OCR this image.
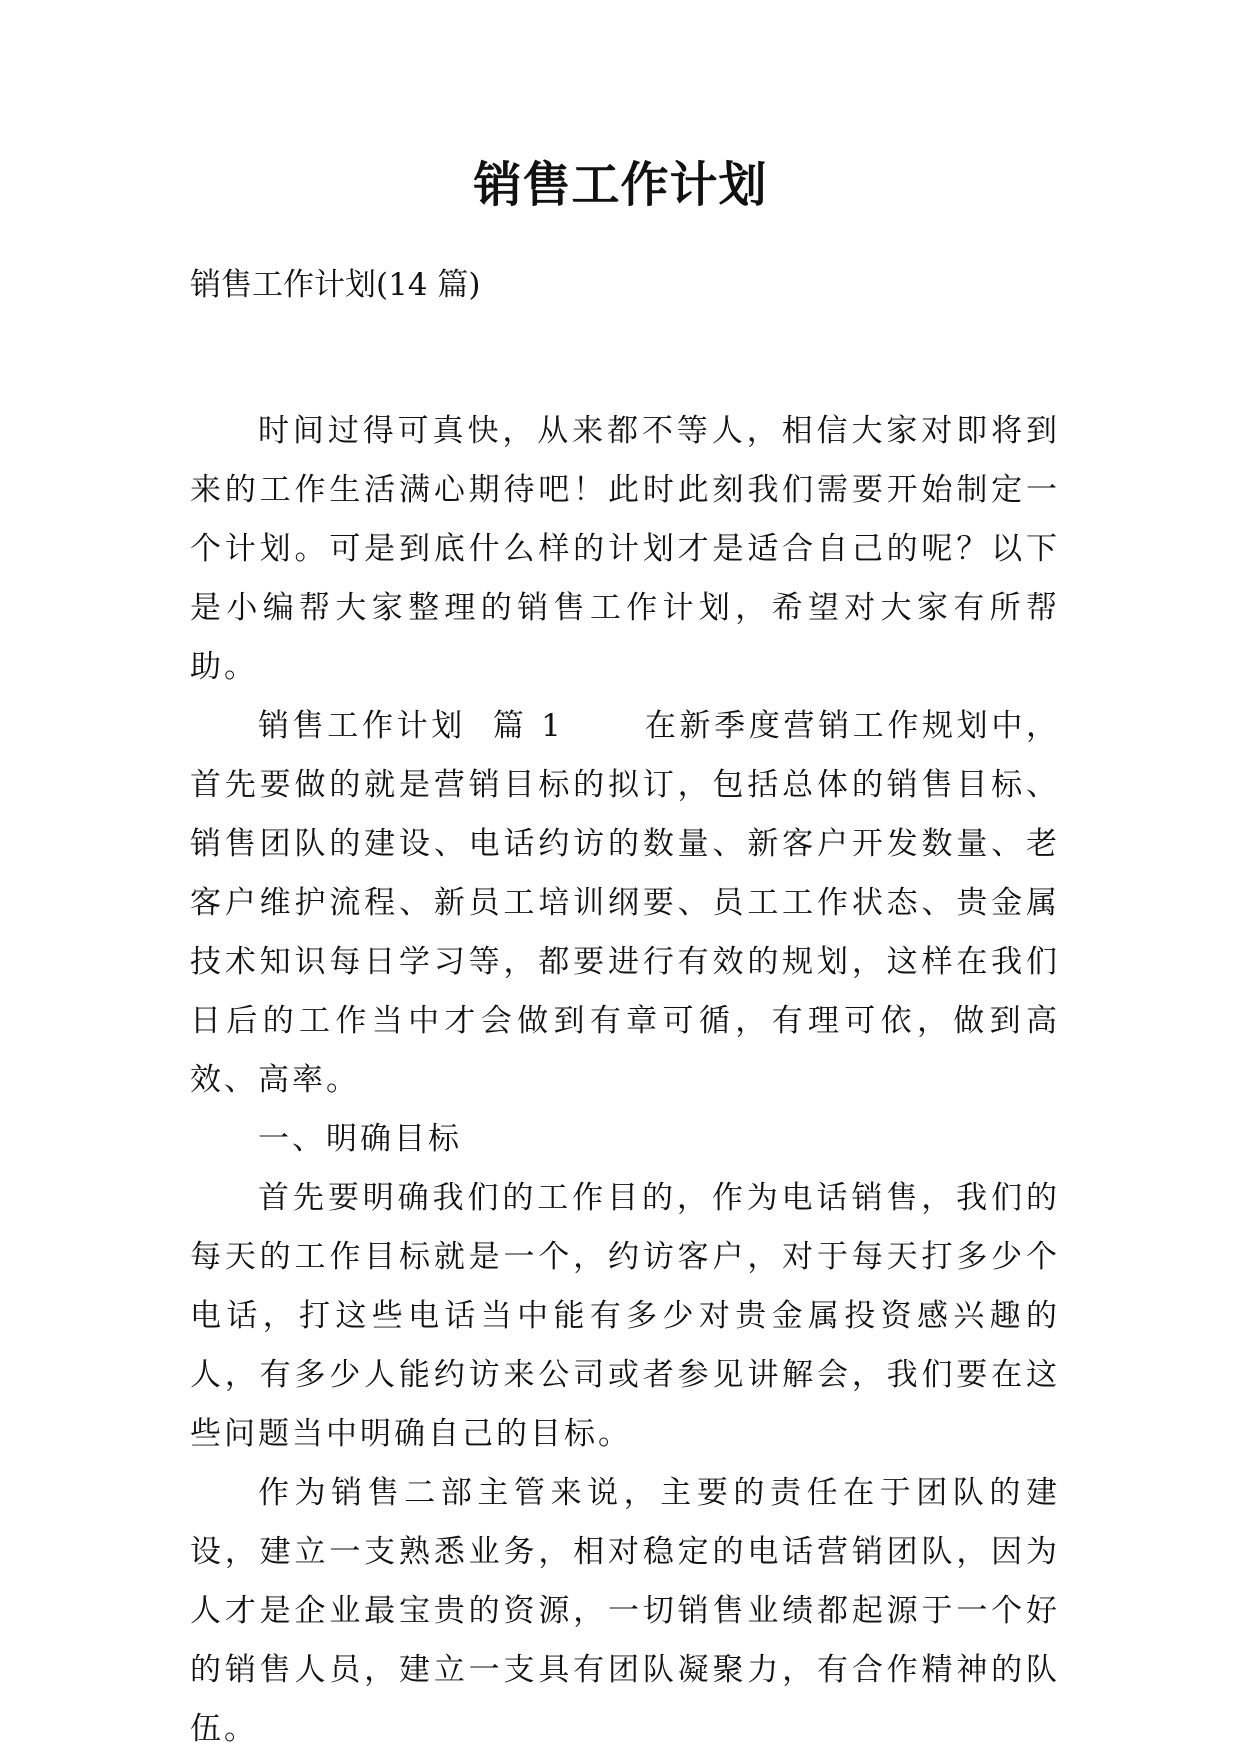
销售工作计划

销售工作计划(14 篇)

时间过得可真快，从来都不等人，相信大家对即将到来的工作生活满心期待吧！此时此刻我们需要开始制定一个计划。可是到底什么样的计划才是适合自己的呢？以下是小编帮大家整理的销售工作计划，希望对大家有所帮助。

销售工作计划  篇 1      在新季度营销工作规划中，首先要做的就是营销目标的拟订，包括总体的销售目标、销售团队的建设、电话约访的数量、新客户开发数量、老客户维护流程、新员工培训纲要、员工工作状态、贵金属技术知识每日学习等，都要进行有效的规划，这样在我们日后的工作当中才会做到有章可循，有理可依，做到高效、高率。

一、明确目标

首先要明确我们的工作目的，作为电话销售，我们的每天的工作目标就是一个，约访客户，对于每天打多少个电话，打这些电话当中能有多少对贵金属投资感兴趣的人，有多少人能约访来公司或者参见讲解会，我们要在这些问题当中明确自己的目标。

作为销售二部主管来说，主要的责任在于团队的建设，建立一支熟悉业务，相对稳定的电话营销团队，因为人才是企业最宝贵的资源，一切销售业绩都起源于一个好的销售人员，建立一支具有团队凝聚力，有合作精神的队伍。
